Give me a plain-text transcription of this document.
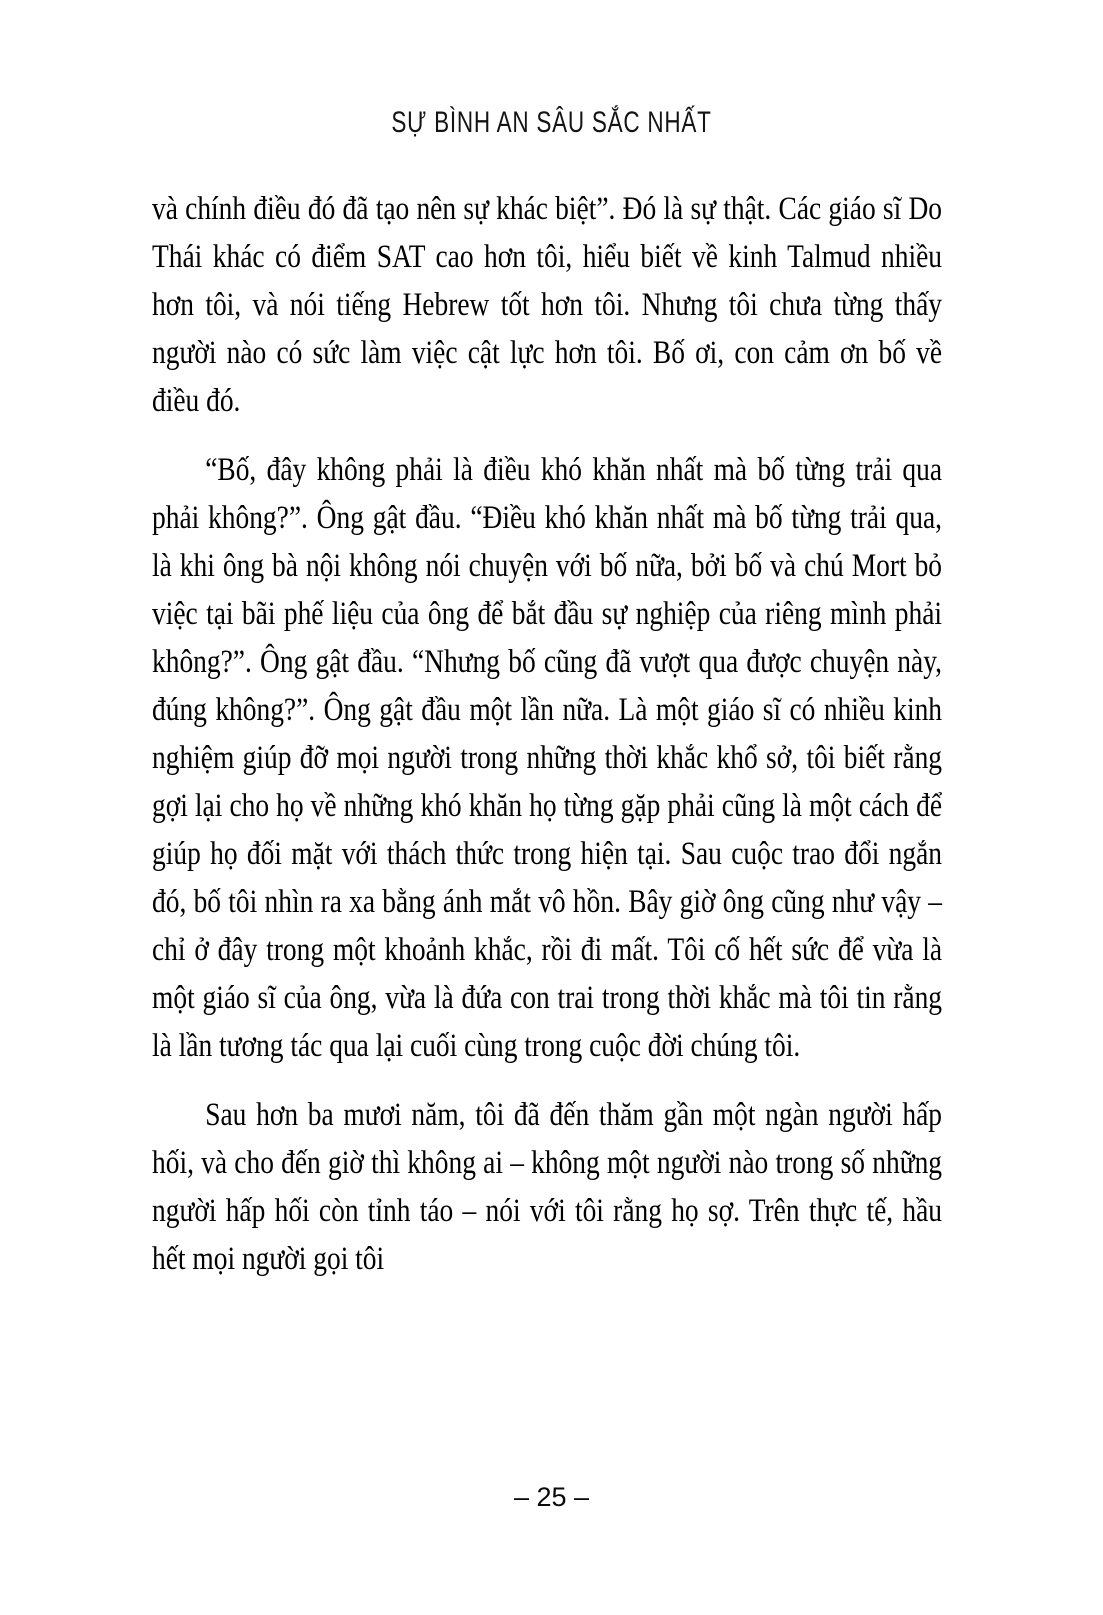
SỰ BÌNH AN SÂU SẮC NHẤT

và chính điều đó đã tạo nên sự khác biệt”. Đó là sự thật. Các giáo sĩ Do Thái khác có điểm SAT cao hơn tôi, hiểu biết về kinh Talmud nhiều hơn tôi, và nói tiếng Hebrew tốt hơn tôi. Nhưng tôi chưa từng thấy người nào có sức làm việc cật lực hơn tôi. Bố ơi, con cảm ơn bố về điều đó.

“Bố, đây không phải là điều khó khăn nhất mà bố từng trải qua phải không?”. Ông gật đầu. “Điều khó khăn nhất mà bố từng trải qua, là khi ông bà nội không nói chuyện với bố nữa, bởi bố và chú Mort bỏ việc tại bãi phế liệu của ông để bắt đầu sự nghiệp của riêng mình phải không?”. Ông gật đầu. “Nhưng bố cũng đã vượt qua được chuyện này, đúng không?”. Ông gật đầu một lần nữa. Là một giáo sĩ có nhiều kinh nghiệm giúp đỡ mọi người trong những thời khắc khổ sở, tôi biết rằng gợi lại cho họ về những khó khăn họ từng gặp phải cũng là một cách để giúp họ đối mặt với thách thức trong hiện tại. Sau cuộc trao đổi ngắn đó, bố tôi nhìn ra xa bằng ánh mắt vô hồn. Bây giờ ông cũng như vậy – chỉ ở đây trong một khoảnh khắc, rồi đi mất. Tôi cố hết sức để vừa là một giáo sĩ của ông, vừa là đứa con trai trong thời khắc mà tôi tin rằng là lần tương tác qua lại cuối cùng trong cuộc đời chúng tôi.

Sau hơn ba mươi năm, tôi đã đến thăm gần một ngàn người hấp hối, và cho đến giờ thì không ai – không một người nào trong số những người hấp hối còn tỉnh táo – nói với tôi rằng họ sợ. Trên thực tế, hầu hết mọi người gọi tôi

– 25 –
